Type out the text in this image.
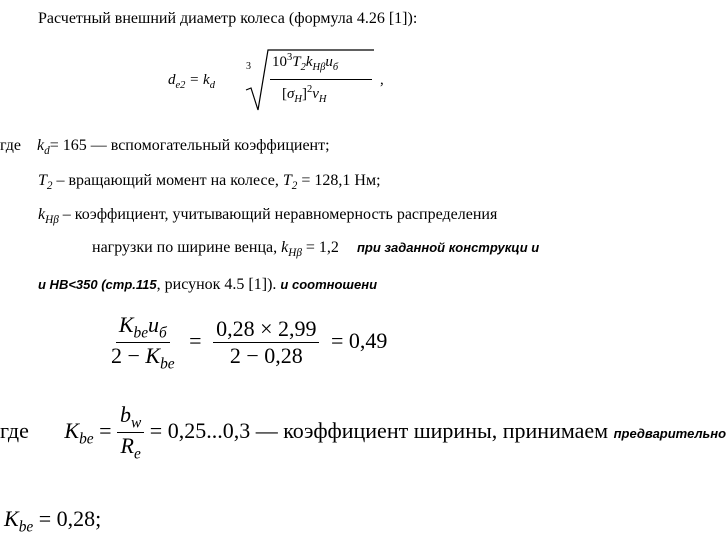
Расчетный внешний диаметр колеса (формула 4.26 [1]):
$d_{e2} = k_d$
3 $10^3T_2k_{H\beta}u_б$
$[\sigma_H]^2\nu_H$
,
где $k_d= 165$ — вспомогательный коэффициент;
$T_2$ – вращающий момент на колесе, $T_2 = 128,1$ Нм;
$k_{H\beta}$ – коэффициент, учитывающий неравномерность распределения
нагрузки по ширине венца, $k_{H\beta} = 1,2$ при заданной конструкци и
и НВ<350 (стр.115, рисунок 4.5 [1]). и соотношени
$\frac{K_{be}u_б}{2 - K_{be}} = \frac{0,28 \times 2,99}{2 - 0,28} = 0,49$
где $K_{be} = \frac{b_w}{R_e} = 0,25...0,3$ — коэффициент ширины, принимаем предварительно
$K_{be} = 0,28$;
